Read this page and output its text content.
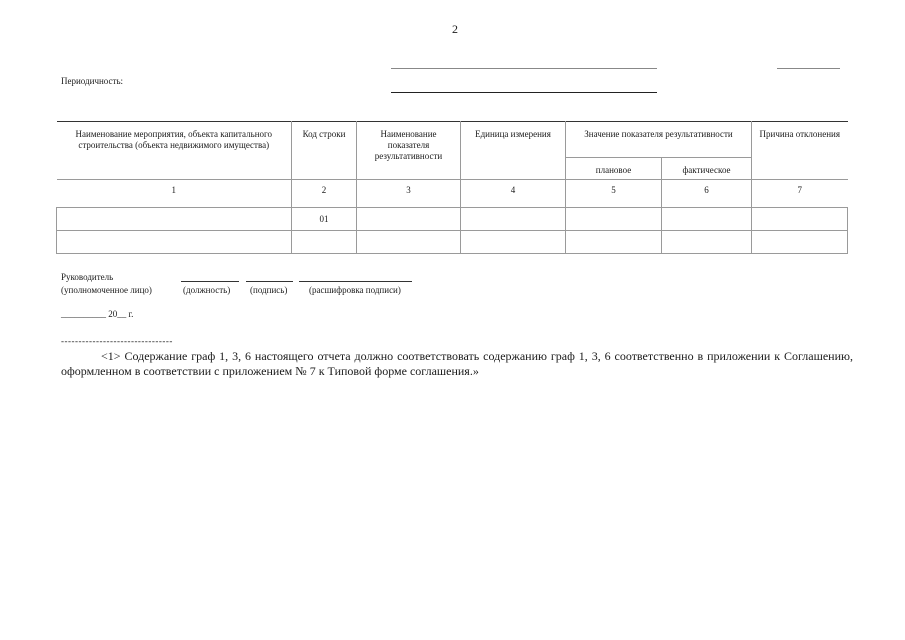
2
Периодичность:
Наименование мероприятия, объекта капитального строительства (объекта недвижимого имущества)	Код строки	Наименование показателя результативности	Единица измерения	Значение показателя результативности		Причина отклонения
				плановое	фактическое	
1	2	3	4	5	6	7
	01					

Руководитель
(уполномоченное лицо)	(должность) (подпись) (расшифровка подписи)
__________ 20__ г.
--------------------------------
<1> Содержание граф 1, 3, 6 настоящего отчета должно соответствовать содержанию граф 1, 3, 6 соответственно в приложении к Соглашению, оформленном в соответствии с приложением № 7 к Типовой форме соглашения.»
